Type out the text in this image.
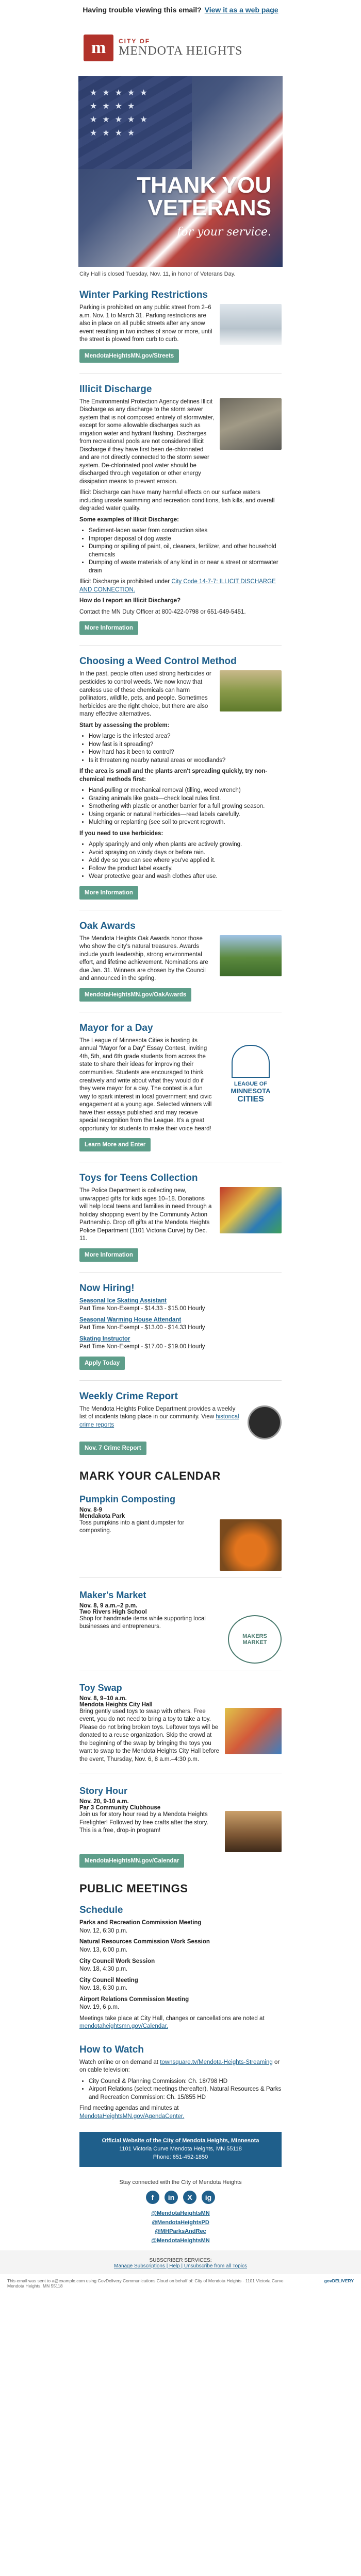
Having trouble viewing this email? View it as a web page
m	CITY OF
MENDOTA HEIGHTS
★★★★★ ★★★★ ★★★★★ ★★★★
THANK YOU
VETERANS
for your service.
City Hall is closed Tuesday, Nov. 11, in honor of Veterans Day.
Winter Parking Restrictions

Parking is prohibited on any public street from 2–6 a.m. Nov. 1 to March 31. Parking restrictions are also in place on all public streets after any snow event resulting in two inches of snow or more, until the street is plowed from curb to curb.

MendotaHeightsMN.gov/Streets
Illicit Discharge

The Environmental Protection Agency defines Illicit Discharge as any discharge to the storm sewer system that is not composed entirely of stormwater, except for some allowable discharges such as irrigation water and hydrant flushing. Discharges from recreational pools are not considered Illicit Discharge if they have first been de-chlorinated and are not directly connected to the storm sewer system. De-chlorinated pool water should be discharged through vegetation or other energy dissipation means to prevent erosion.

Illicit Discharge can have many harmful effects on our surface waters including unsafe swimming and recreation conditions, fish kills, and overall degraded water quality.

Some examples of Illicit Discharge:

• Sediment-laden water from construction sites
• Improper disposal of dog waste
• Dumping or spilling of paint, oil, cleaners, fertilizer, and other household chemicals
• Dumping of waste materials of any kind in or near a street or stormwater drain

Illicit Discharge is prohibited under City Code 14-7-7: ILLICIT DISCHARGE AND CONNECTION.

How do I report an Illicit Discharge?

Contact the MN Duty Officer at 800-422-0798 or 651-649-5451.

More Information
Choosing a Weed Control Method

In the past, people often used strong herbicides or pesticides to control weeds. We now know that careless use of these chemicals can harm pollinators, wildlife, pets, and people. Sometimes herbicides are the right choice, but there are also many effective alternatives.

Start by assessing the problem:

• How large is the infested area?
• How fast is it spreading?
• How hard has it been to control?
• Is it threatening nearby natural areas or woodlands?

If the area is small and the plants aren't spreading quickly, try non-chemical methods first:

• Hand-pulling or mechanical removal (tilling, weed wrench)
• Grazing animals like goats—check local rules first.
• Smothering with plastic or another barrier for a full growing season.
• Using organic or natural herbicides—read labels carefully.
• Mulching or replanting (see soil to prevent regrowth.

If you need to use herbicides:

• Apply sparingly and only when plants are actively growing.
• Avoid spraying on windy days or before rain.
• Add dye so you can see where you've applied it.
• Follow the product label exactly.
• Wear protective gear and wash clothes after use.
More Information
Oak Awards

The Mendota Heights Oak Awards honor those who show the city's natural treasures. Awards include youth leadership, strong environmental effort, and lifetime achievement. Nominations are due Jan. 31. Winners are chosen by the Council and announced in the spring.

MendotaHeightsMN.gov/OakAwards
Mayor for a Day

The League of Minnesota Cities is hosting its annual "Mayor for a Day" Essay Contest, inviting 4th, 5th, and 6th grade students from across the state to share their ideas for improving their communities. Students are encouraged to think creatively and write about what they would do if they were mayor for a day. The contest is a fun way to spark interest in local government and civic engagement at a young age. Selected winners will have their essays published and may receive special recognition from the League. It's a great opportunity for students to make their voice heard!

LEAGUE OF
MINNESOTA
CITIES
Learn More and Enter
Toys for Teens Collection

The Police Department is collecting new, unwrapped gifts for kids ages 10–18. Donations will help local teens and families in need through a holiday shopping event by the Community Action Partnership. Drop off gifts at the Mendota Heights Police Department (1101 Victoria Curve) by Dec. 11.

More Information
Now Hiring!

Seasonal Ice Skating Assistant
Part Time Non-Exempt - $14.33 - $15.00 Hourly

Seasonal Warming House Attendant
Part Time Non-Exempt - $13.00 - $14.33 Hourly

Skating Instructor
Part Time Non-Exempt - $17.00 - $19.00 Hourly

Apply Today
Weekly Crime Report

The Mendota Heights Police Department provides a weekly list of incidents taking place in our community. View historical crime reports

Nov. 7 Crime Report
MARK YOUR CALENDAR
Pumpkin Composting
Nov. 8-9
Mendakota Park

Toss pumpkins into a giant dumpster for composting.

Maker's Market
Nov. 8, 9 a.m.–2 p.m.
Two Rivers High School

Shop for handmade items while supporting local businesses and entrepreneurs.

MAKERS
MARKET
Toy Swap
Nov. 8, 9–10 a.m.
Mendota Heights City Hall

Bring gently used toys to swap with others. Free event, you do not need to bring a toy to take a toy. Please do not bring broken toys. Leftover toys will be donated to a reuse organization. Skip the crowd at the beginning of the swap by bringing the toys you want to swap to the Mendota Heights City Hall before the event, Thursday, Nov. 6, 8 a.m.–4:30 p.m.

Story Hour
Nov. 20, 9-10 a.m.
Par 3 Community Clubhouse

Join us for story hour read by a Mendota Heights Firefighter! Followed by free crafts after the story. This is a free, drop-in program!

MendotaHeightsMN.gov/Calendar
PUBLIC MEETINGS
Schedule

Parks and Recreation Commission Meeting
Nov. 12, 6:30 p.m.

Natural Resources Commission Work Session
Nov. 13, 6:00 p.m.

City Council Work Session
Nov. 18, 4:30 p.m.

City Council Meeting
Nov. 18, 6:30 p.m.

Airport Relations Commission Meeting
Nov. 19, 6 p.m.

Meetings take place at City Hall, changes or cancellations are noted at mendotaheightsmn.gov/Calendar.

How to Watch

Watch online or on demand at townsquare.tv/Mendota-Heights-Streaming or on cable television:

• City Council & Planning Commission: Ch. 18/798 HD
• Airport Relations (select meetings thereafter), Natural Resources & Parks and Recreation Commission: Ch. 15/855 HD

Find meeting agendas and minutes at MendotaHeightsMN.gov/AgendaCenter.

Official Website of the City of Mendota Heights, Minnesota
1101 Victoria Curve Mendota Heights, MN 55118
Phone: 651-452-1850
Stay connected with the City of Mendota Heights
f	in	X	ig
@MendotaHeightsMN
@MendotaHeightsPD
@MHParksAndRec
@MendotaHeightsMN
SUBSCRIBER SERVICES:
Manage Subscriptions | Help | Unsubscribe from all Topics
This email was sent to a@example.com using GovDelivery Communications Cloud on behalf of: City of Mendota Heights · 1101 Victoria Curve Mendota Heights, MN 55118
govDELIVERY
